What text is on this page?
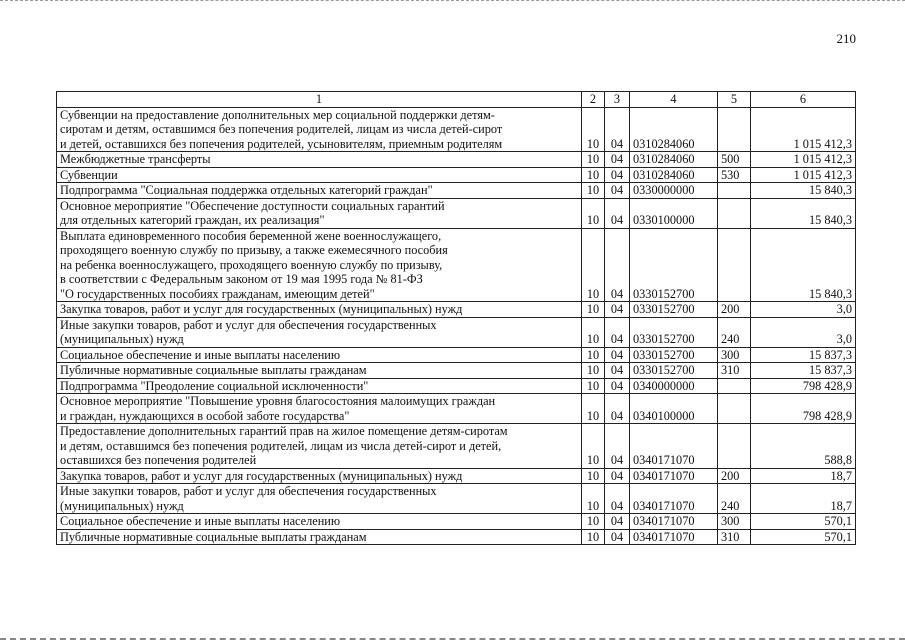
210
1	2	3	4	5	6

Субвенции на предоставление дополнительных мер социальной поддержки детям-
сиротам и детям, оставшимся без попечения родителей, лицам из числа детей-сирот
и детей, оставшихся без попечения родителей, усыновителям, приемным родителям	10	04	0310284060		1 015 412,3

Межбюджетные трансферты	10	04	0310284060	500	1 015 412,3

Субвенции	10	04	0310284060	530	1 015 412,3

Подпрограмма "Социальная поддержка отдельных категорий граждан"	10	04	0330000000		15 840,3

Основное мероприятие "Обеспечение доступности социальных гарантий
для отдельных категорий граждан, их реализация"	10	04	0330100000		15 840,3

Выплата единовременного пособия беременной жене военнослужащего,
проходящего военную службу по призыву, а также ежемесячного пособия
на ребенка военнослужащего, проходящего военную службу по призыву,
в соответствии с Федеральным законом от 19 мая 1995 года № 81-ФЗ
"О государственных пособиях гражданам, имеющим детей"	10	04	0330152700		15 840,3

Закупка товаров, работ и услуг для государственных (муниципальных) нужд	10	04	0330152700	200	3,0

Иные закупки товаров, работ и услуг для обеспечения государственных
(муниципальных) нужд	10	04	0330152700	240	3,0

Социальное обеспечение и иные выплаты населению	10	04	0330152700	300	15 837,3

Публичные нормативные социальные выплаты гражданам	10	04	0330152700	310	15 837,3

Подпрограмма "Преодоление социальной исключенности"	10	04	0340000000		798 428,9

Основное мероприятие "Повышение уровня благосостояния малоимущих граждан
и граждан, нуждающихся в особой заботе государства"	10	04	0340100000		798 428,9

Предоставление дополнительных гарантий прав на жилое помещение детям-сиротам
и детям, оставшимся без попечения родителей, лицам из числа детей-сирот и детей,
оставшихся без попечения родителей	10	04	0340171070		588,8

Закупка товаров, работ и услуг для государственных (муниципальных) нужд	10	04	0340171070	200	18,7

Иные закупки товаров, работ и услуг для обеспечения государственных
(муниципальных) нужд	10	04	0340171070	240	18,7

Социальное обеспечение и иные выплаты населению	10	04	0340171070	300	570,1

Публичные нормативные социальные выплаты гражданам	10	04	0340171070	310	570,1
